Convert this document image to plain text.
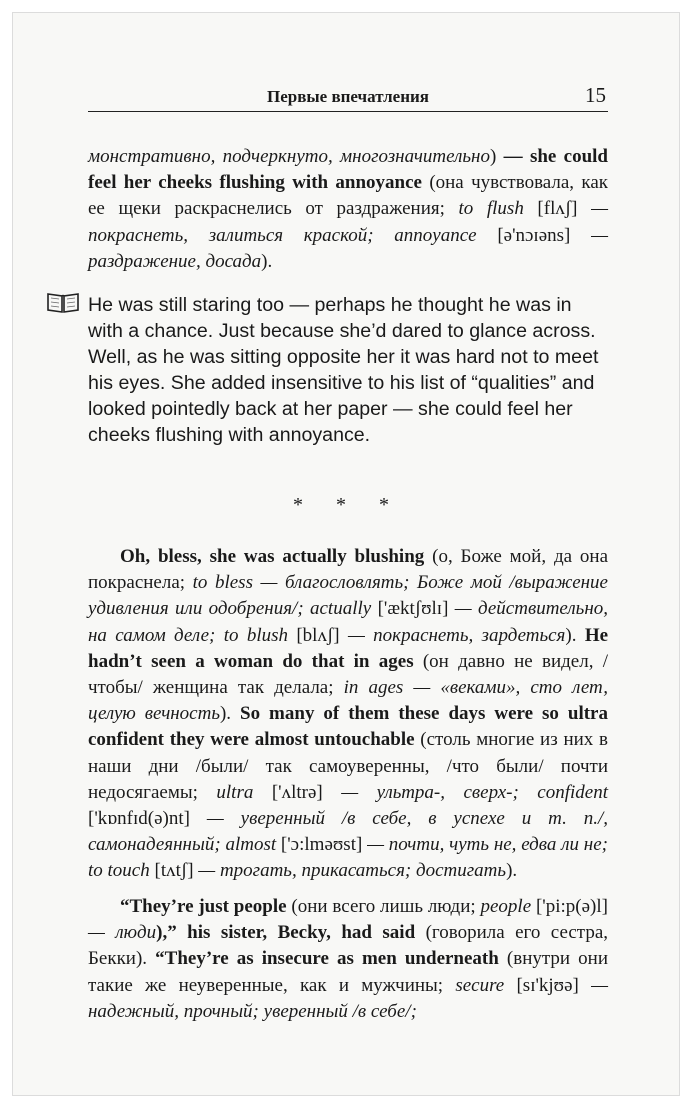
Первые впечатления	15
монстративно, подчеркнуто, многозначительно) — she could feel her cheeks flushing with annoyance (она чувствовала, как ее щеки раскраснелись от раздражения; to flush [flʌʃ] — покраснеть, залиться краской; annoyance [ə'nɔɪəns] — раздражение, досада).
He was still staring too — perhaps he thought he was in with a chance. Just because she’d dared to glance across. Well, as he was sitting opposite her it was hard not to meet his eyes. She added insensitive to his list of “qualities” and looked pointedly back at her paper — she could feel her cheeks flushing with annoyance.
* * *
Oh, bless, she was actually blushing (о, Боже мой, да она покраснела; to bless — благословлять; Боже мой /выражение удивления или одобрения/; actually ['æktʃʊlɪ] — действительно, на самом деле; to blush [blʌʃ] — покраснеть, зардеться). He hadn’t seen a woman do that in ages (он давно не видел, /чтобы/ женщина так делала; in ages — «веками», сто лет, целую вечность). So many of them these days were so ultra confident they were almost untouchable (столь многие из них в наши дни /были/ так самоуверенны, /что были/ почти недосягаемы; ultra ['ʌltrə] — ультра-, сверх-; confident ['kɒnfɪd(ə)nt] — уверенный /в себе, в успехе и т. п./, самонадеянный; almost ['ɔ:lməʊst] — почти, чуть не, едва ли не; to touch [tʌtʃ] — трогать, прикасаться; достигать).
“They’re just people (они всего лишь люди; people ['pi:p(ə)l] — люди),” his sister, Becky, had said (говорила его сестра, Бекки). “They’re as insecure as men underneath (внутри они такие же неуверенные, как и мужчины; secure [sɪ'kjʊə] — надежный, прочный; уверенный /в себе/;
